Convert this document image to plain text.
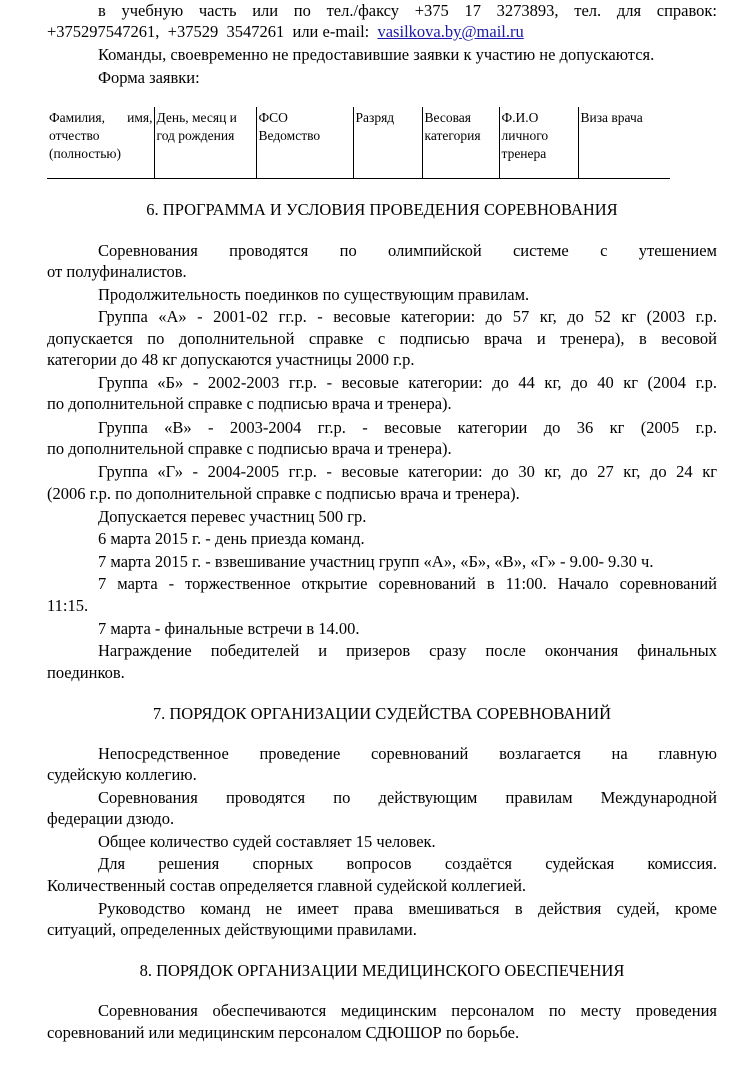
в учебную часть или по тел./факсу +375 17 3273893, тел. для справок:

+375297547261,  +37529  3547261  или e-mail:  vasilkova.by@mail.ru

Команды, своевременно не предоставившие заявки к участию не допускаются.

Форма заявки:

Фамилия, имя, отчество (полностью)	День, месяц и год рождения	ФСО Ведомство	Разряд	Весовая категория	Ф.И.О личного тренера	Виза врача
6. ПРОГРАММА И УСЛОВИЯ ПРОВЕДЕНИЯ СОРЕВНОВАНИЯ

Соревнования проводятся по олимпийской системе с утешением

от полуфиналистов.

Продолжительность поединков по существующим правилам.

Группа «А» - 2001-02 гг.р. - весовые категории: до 57 кг, до 52 кг (2003 г.р.

допускается по дополнительной справке с подписью врача и тренера), в весовой

категории до 48 кг допускаются участницы 2000 г.р.

Группа «Б» - 2002-2003 гг.р. - весовые категории: до 44 кг, до 40 кг (2004 г.р.

по дополнительной справке с подписью врача и тренера).

Группа «В» - 2003-2004 гг.р. - весовые категории до 36 кг (2005 г.р.

по дополнительной справке с подписью врача и тренера).

Группа «Г» - 2004-2005 гг.р. - весовые категории: до 30 кг, до 27 кг, до 24 кг

(2006 г.р. по дополнительной справке с подписью врача и тренера).

Допускается перевес участниц 500 гр.

6 марта 2015 г. - день приезда команд.

7 марта 2015 г. - взвешивание участниц групп «А», «Б», «В», «Г» - 9.00- 9.30 ч.

7 марта - торжественное открытие соревнований в 11:00. Начало соревнований

11:15.

7 марта - финальные встречи в 14.00.

Награждение победителей и призеров сразу после окончания финальных

поединков.

7. ПОРЯДОК ОРГАНИЗАЦИИ СУДЕЙСТВА СОРЕВНОВАНИЙ

Непосредственное проведение соревнований возлагается на главную

судейскую коллегию.

Соревнования проводятся по действующим правилам Международной

федерации дзюдо.

Общее количество судей составляет 15 человек.

Для решения спорных вопросов создаётся судейская комиссия.

Количественный состав определяется главной судейской коллегией.

Руководство команд не имеет права вмешиваться в действия судей, кроме

ситуаций, определенных действующими правилами.

8. ПОРЯДОК ОРГАНИЗАЦИИ МЕДИЦИНСКОГО ОБЕСПЕЧЕНИЯ

Соревнования обеспечиваются медицинским персоналом по месту проведения

соревнований или медицинским персоналом СДЮШОР по борьбе.
